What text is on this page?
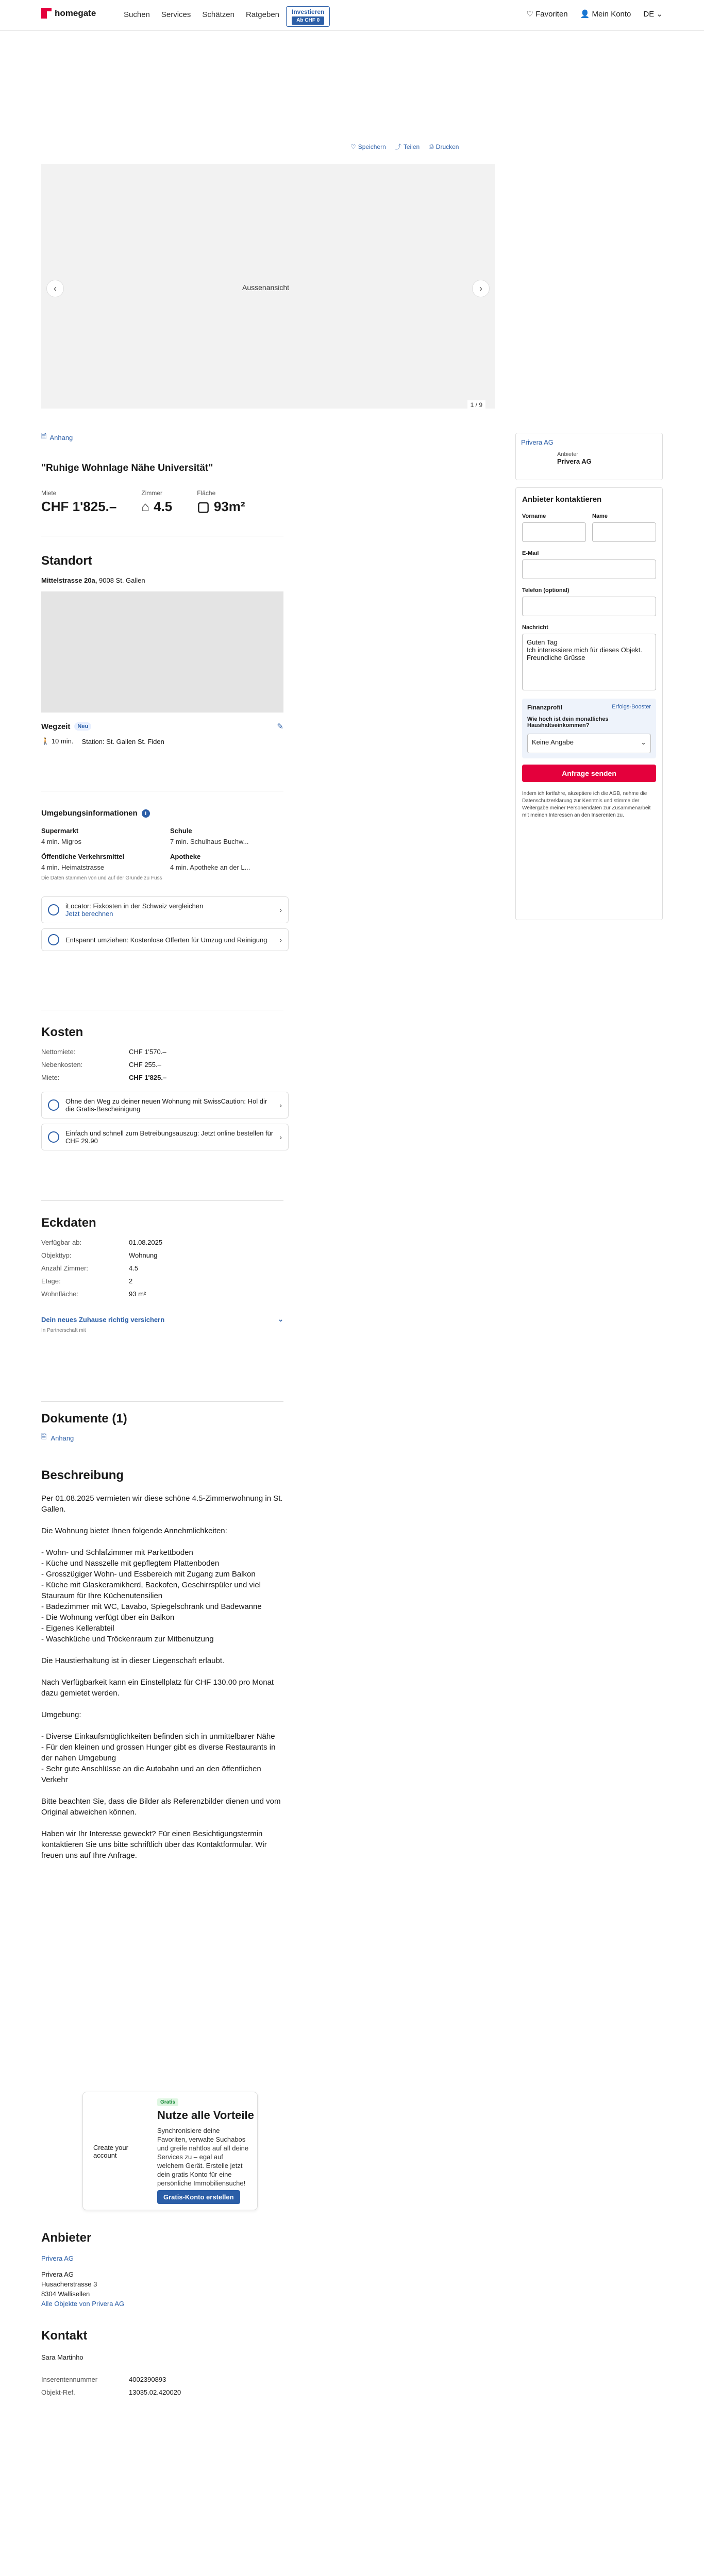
homegate	Suchen Services Schätzen Ratgeben	Investieren
Ab CHF 0
♡ Favoriten 👤 Mein Konto DE ⌄
♡ Speichern ⤴ Teilen ⎙ Drucken
Aussenansicht
‹	›
1 / 9
🗎 Anhang
"Ruhige Wohnlage Nähe Universität"
Miete
CHF 1'825.–
Zimmer
⌂ 4.5
Fläche
▢ 93m²
Standort
Mittelstrasse 20a, 9008 St. Gallen
Wegzeit	Neu	✎
🚶 10 min. Station: St. Gallen St. Fiden
Umgebungsinformationen	i
Supermarkt
4 min. Migros
Schule
7 min. Schulhaus Buchw...
Öffentliche Verkehrsmittel
4 min. Heimatstrasse
Apotheke
4 min. Apotheke an der L...
Die Daten stammen von und auf der Grunde zu Fuss
iLocator: Fixkosten in der Schweiz vergleichen
Jetzt berechnen	›
Entspannt umziehen: Kostenlose Offerten für Umzug und Reinigung ›
Kosten
Nettomiete:	CHF 1'570.–
Nebenkosten:	CHF 255.–
Miete:	CHF 1'825.–
Ohne den Weg zu deiner neuen Wohnung mit SwissCaution: Hol dir die Gratis-Bescheinigung	›
Einfach und schnell zum Betreibungsauszug: Jetzt online bestellen für CHF 29.90	›
Eckdaten
Verfügbar ab:	01.08.2025
Objekttyp:	Wohnung
Anzahl Zimmer:	4.5
Etage:	2
Wohnfläche:	93 m²
Dein neues Zuhause richtig versichern	⌄
In Partnerschaft mit
Dokumente (1)
🗎 Anhang
Beschreibung

Per 01.08.2025 vermieten wir diese schöne 4.5-Zimmerwohnung in St. Gallen.

Die Wohnung bietet Ihnen folgende Annehmlichkeiten:

- Wohn- und Schlafzimmer mit Parkettboden
- Küche und Nasszelle mit gepflegtem Plattenboden
- Grosszügiger Wohn- und Essbereich mit Zugang zum Balkon
- Küche mit Glaskeramikherd, Backofen, Geschirrspüler und viel Stauraum für Ihre Küchenutensilien
- Badezimmer mit WC, Lavabo, Spiegelschrank und Badewanne
- Die Wohnung verfügt über ein Balkon
- Eigenes Kellerabteil
- Waschküche und Tröckenraum zur Mitbenutzung

Die Haustierhaltung ist in dieser Liegenschaft erlaubt.

Nach Verfügbarkeit kann ein Einstellplatz für CHF 130.00 pro Monat dazu gemietet werden.

Umgebung:

- Diverse Einkaufsmöglichkeiten befinden sich in unmittelbarer Nähe
- Für den kleinen und grossen Hunger gibt es diverse Restaurants in der nahen Umgebung
- Sehr gute Anschlüsse an die Autobahn und an den öffentlichen Verkehr

Bitte beachten Sie, dass die Bilder als Referenzbilder dienen und vom Original abweichen können.

Haben wir Ihr Interesse geweckt? Für einen Besichtigungstermin kontaktieren Sie uns bitte schriftlich über das Kontaktformular. Wir freuen uns auf Ihre Anfrage.

Create your account
Gratis
Nutze alle Vorteile
Synchronisiere deine Favoriten, verwalte Suchabos und greife nahtlos auf all deine Services zu – egal auf welchem Gerät. Erstelle jetzt dein gratis Konto für eine persönliche Immobiliensuche!
Gratis-Konto erstellen
Anbieter
Privera AG
Privera AG
Husacherstrasse 3
8304 Wallisellen
Alle Objekte von Privera AG
Kontakt
Sara Martinho
Inserentennummer	4002390893
Objekt-Ref.	13035.02.420020
Privera AG
Anbieter
Privera AG
Anbieter kontaktieren
Vorname	Name
E-Mail
Telefon (optional)
Nachricht
Guten Tag
Ich interessiere mich für dieses Objekt.
Freundliche Grüsse
Finanzprofil	Erfolgs-Booster
Wie hoch ist dein monatliches Haushaltseinkommen?
Keine Angabe	⌄
Anfrage senden
Indem ich fortfahre, akzeptiere ich die AGB, nehme die Datenschutzerklärung zur Kenntnis und stimme der Weitergabe meiner Personendaten zur Zusammenarbeit mit meinen Interessen an den Inserenten zu.
